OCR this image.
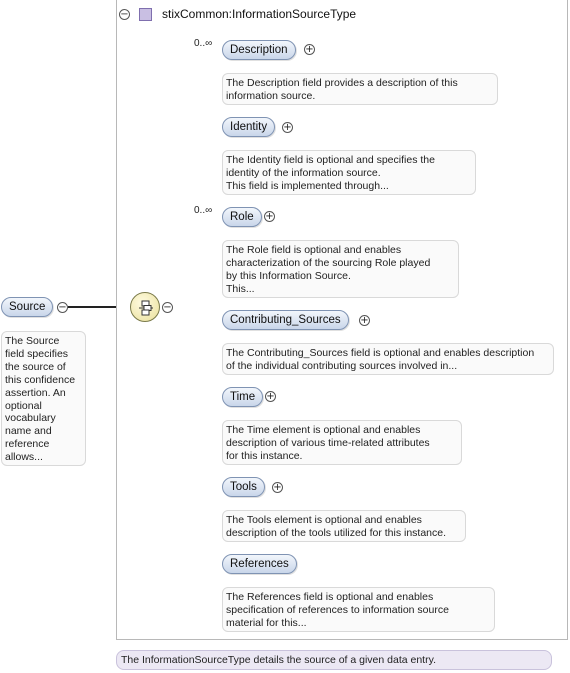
−	stixCommon:InformationSourceType
Source	−
The Source
field specifies
the source of
this confidence
assertion. An
optional
vocabulary
name and
reference
allows...
−
0..∞
Description	+
The Description field provides a description of this
information source.
Identity	+
The Identity field is optional and specifies the
identity of the information source.
This field is implemented through...
0..∞
Role	+
The Role field is optional and enables
characterization of the sourcing Role played
by this Information Source.
This...
Contributing_Sources	+
The Contributing_Sources field is optional and enables description
of the individual contributing sources involved in...
Time	+
The Time element is optional and enables
description of various time-related attributes
for this instance.
Tools	+
The Tools element is optional and enables
description of the tools utilized for this instance.
References
The References field is optional and enables
specification of references to information source
material for this...
The InformationSourceType details the source of a given data entry.
